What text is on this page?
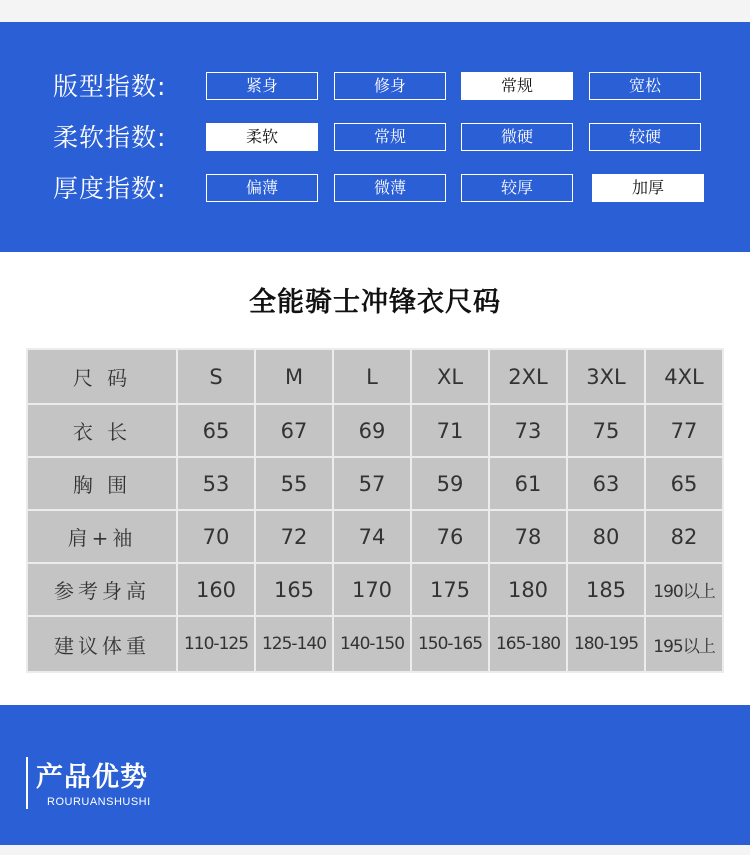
版型指数:	紧身	修身	常规	宽松
柔软指数:	柔软	常规	微硬	较硬
厚度指数:	偏薄	微薄	较厚	加厚
全能骑士冲锋衣尺码
尺 码	S	M	L	XL	2XL	3XL	4XL
衣 长	65	67	69	71	73	75	77
胸 围	53	55	57	59	61	63	65
肩+袖	70	72	74	76	78	80	82
参考身高	160	165	170	175	180	185	190以上
建议体重	110-125	125-140	140-150	150-165	165-180	180-195	195以上
产品优势
ROURUANSHUSHI
